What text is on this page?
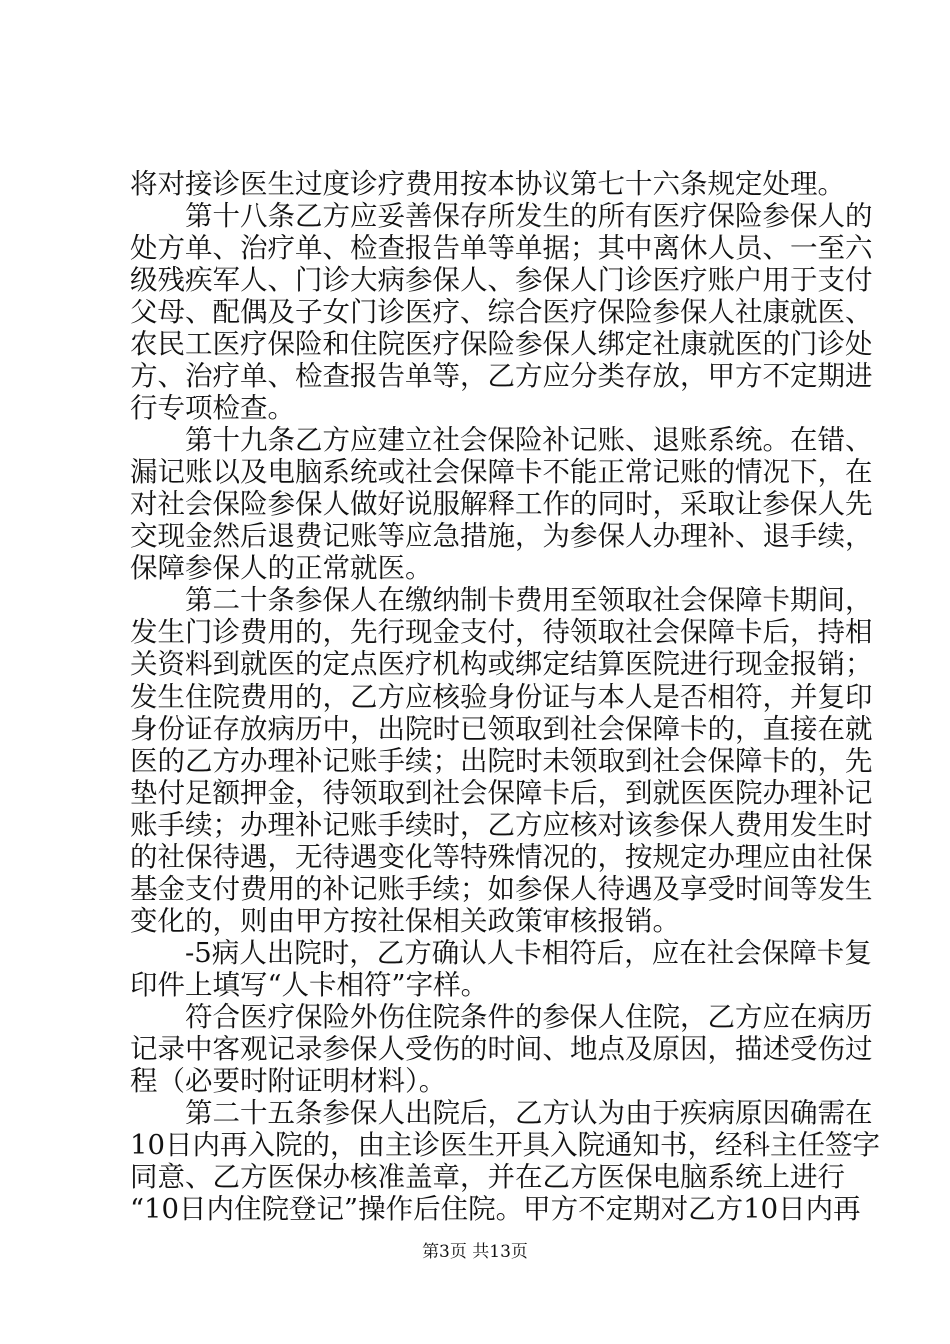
将对接诊医生过度诊疗费用按本协议第七十六条规定处理。
第十八条乙方应妥善保存所发生的所有医疗保险参保人的
处方单、治疗单、检查报告单等单据；其中离休人员、一至六
级残疾军人、门诊大病参保人、参保人门诊医疗账户用于支付
父母、配偶及子女门诊医疗、综合医疗保险参保人社康就医、
农民工医疗保险和住院医疗保险参保人绑定社康就医的门诊处
方、治疗单、检查报告单等，乙方应分类存放，甲方不定期进
行专项检查。
第十九条乙方应建立社会保险补记账、退账系统。在错、
漏记账以及电脑系统或社会保障卡不能正常记账的情况下，在
对社会保险参保人做好说服解释工作的同时，采取让参保人先
交现金然后退费记账等应急措施，为参保人办理补、退手续，
保障参保人的正常就医。
第二十条参保人在缴纳制卡费用至领取社会保障卡期间，
发生门诊费用的，先行现金支付，待领取社会保障卡后，持相
关资料到就医的定点医疗机构或绑定结算医院进行现金报销；
发生住院费用的，乙方应核验身份证与本人是否相符，并复印
身份证存放病历中，出院时已领取到社会保障卡的，直接在就
医的乙方办理补记账手续；出院时未领取到社会保障卡的，先
垫付足额押金，待领取到社会保障卡后，到就医医院办理补记
账手续；办理补记账手续时，乙方应核对该参保人费用发生时
的社保待遇，无待遇变化等特殊情况的，按规定办理应由社保
基金支付费用的补记账手续；如参保人待遇及享受时间等发生
变化的，则由甲方按社保相关政策审核报销。
-5病人出院时，乙方确认人卡相符后，应在社会保障卡复
印件上填写“人卡相符”字样。
符合医疗保险外伤住院条件的参保人住院，乙方应在病历
记录中客观记录参保人受伤的时间、地点及原因，描述受伤过
程（必要时附证明材料）。
第二十五条参保人出院后，乙方认为由于疾病原因确需在
10日内再入院的，由主诊医生开具入院通知书，经科主任签字
同意、乙方医保办核准盖章，并在乙方医保电脑系统上进行
“10日内住院登记”操作后住院。甲方不定期对乙方10日内再
第3页 共13页
